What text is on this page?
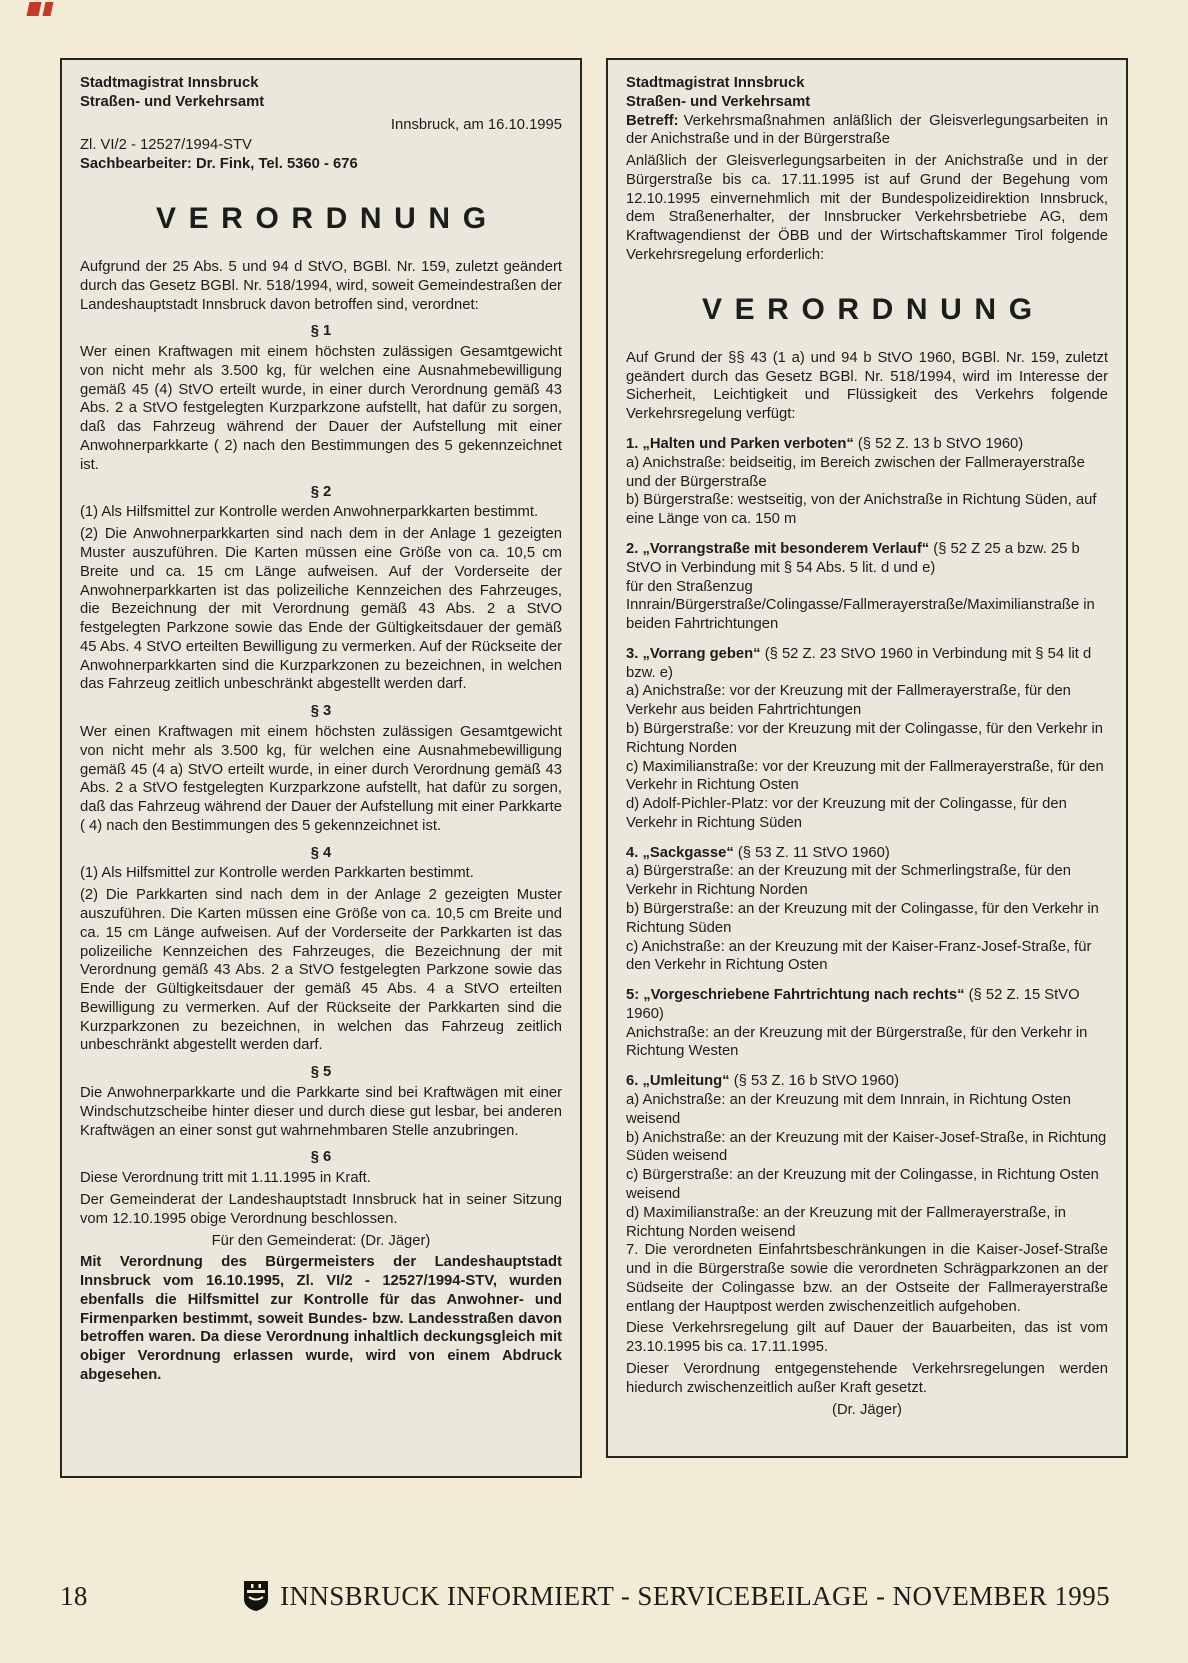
Stadtmagistrat Innsbruck
Straßen- und Verkehrsamt
Innsbruck, am 16.10.1995
Zl. VI/2 - 12527/1994-STV
Sachbearbeiter: Dr. Fink, Tel. 5360 - 676
VERORDNUNG

Aufgrund der 25 Abs. 5 und 94 d StVO, BGBl. Nr. 159, zuletzt geändert durch das Gesetz BGBl. Nr. 518/1994, wird, soweit Gemeindestraßen der Landeshauptstadt Innsbruck davon betroffen sind, verordnet:

§ 1

Wer einen Kraftwagen mit einem höchsten zulässigen Gesamtgewicht von nicht mehr als 3.500 kg, für welchen eine Ausnahmebewilligung gemäß 45 (4) StVO erteilt wurde, in einer durch Verordnung gemäß 43 Abs. 2 a StVO festgelegten Kurzparkzone aufstellt, hat dafür zu sorgen, daß das Fahrzeug während der Dauer der Aufstellung mit einer Anwohnerparkkarte ( 2) nach den Bestimmungen des 5 gekennzeichnet ist.

§ 2

(1) Als Hilfsmittel zur Kontrolle werden Anwohnerparkkarten bestimmt.

(2) Die Anwohnerparkkarten sind nach dem in der Anlage 1 gezeigten Muster auszuführen. Die Karten müssen eine Größe von ca. 10,5 cm Breite und ca. 15 cm Länge aufweisen. Auf der Vorderseite der Anwohnerparkkarten ist das polizeiliche Kennzeichen des Fahrzeuges, die Bezeichnung der mit Verordnung gemäß 43 Abs. 2 a StVO festgelegten Parkzone sowie das Ende der Gültigkeitsdauer der gemäß 45 Abs. 4 StVO erteilten Bewilligung zu vermerken. Auf der Rückseite der Anwohnerparkkarten sind die Kurzparkzonen zu bezeichnen, in welchen das Fahrzeug zeitlich unbeschränkt abgestellt werden darf.

§ 3

Wer einen Kraftwagen mit einem höchsten zulässigen Gesamtgewicht von nicht mehr als 3.500 kg, für welchen eine Ausnahmebewilligung gemäß 45 (4 a) StVO erteilt wurde, in einer durch Verordnung gemäß 43 Abs. 2 a StVO festgelegten Kurzparkzone aufstellt, hat dafür zu sorgen, daß das Fahrzeug während der Dauer der Aufstellung mit einer Parkkarte ( 4) nach den Bestimmungen des 5 gekennzeichnet ist.

§ 4

(1) Als Hilfsmittel zur Kontrolle werden Parkkarten bestimmt.

(2) Die Parkkarten sind nach dem in der Anlage 2 gezeigten Muster auszuführen. Die Karten müssen eine Größe von ca. 10,5 cm Breite und ca. 15 cm Länge aufweisen. Auf der Vorderseite der Parkkarten ist das polizeiliche Kennzeichen des Fahrzeuges, die Bezeichnung der mit Verordnung gemäß 43 Abs. 2 a StVO festgelegten Parkzone sowie das Ende der Gültigkeitsdauer der gemäß 45 Abs. 4 a StVO erteilten Bewilligung zu vermerken. Auf der Rückseite der Parkkarten sind die Kurzparkzonen zu bezeichnen, in welchen das Fahrzeug zeitlich unbeschränkt abgestellt werden darf.

§ 5

Die Anwohnerparkkarte und die Parkkarte sind bei Kraftwägen mit einer Windschutzscheibe hinter dieser und durch diese gut lesbar, bei anderen Kraftwägen an einer sonst gut wahrnehmbaren Stelle anzubringen.

§ 6

Diese Verordnung tritt mit 1.11.1995 in Kraft.

Der Gemeinderat der Landeshauptstadt Innsbruck hat in seiner Sitzung vom 12.10.1995 obige Verordnung beschlossen.

Für den Gemeinderat: (Dr. Jäger)

Mit Verordnung des Bürgermeisters der Landeshauptstadt Innsbruck vom 16.10.1995, Zl. VI/2 - 12527/1994-STV, wurden ebenfalls die Hilfsmittel zur Kontrolle für das Anwohner- und Firmenparken bestimmt, soweit Bundes- bzw. Landesstraßen davon betroffen waren. Da diese Verordnung inhaltlich deckungsgleich mit obiger Verordnung erlassen wurde, wird von einem Abdruck abgesehen.

Stadtmagistrat Innsbruck
Straßen- und Verkehrsamt

Betreff: Verkehrsmaßnahmen anläßlich der Gleisverlegungsarbeiten in der Anichstraße und in der Bürgerstraße

Anläßlich der Gleisverlegungsarbeiten in der Anichstraße und in der Bürgerstraße bis ca. 17.11.1995 ist auf Grund der Begehung vom 12.10.1995 einvernehmlich mit der Bundespolizeidirektion Innsbruck, dem Straßenerhalter, der Innsbrucker Verkehrsbetriebe AG, dem Kraftwagendienst der ÖBB und der Wirtschaftskammer Tirol folgende Verkehrsregelung erforderlich:

VERORDNUNG

Auf Grund der §§ 43 (1 a) und 94 b StVO 1960, BGBl. Nr. 159, zuletzt geändert durch das Gesetz BGBl. Nr. 518/1994, wird im Interesse der Sicherheit, Leichtigkeit und Flüssigkeit des Verkehrs folgende Verkehrsregelung verfügt:

1. „Halten und Parken verboten“ (§ 52 Z. 13 b StVO 1960)

a) Anichstraße: beidseitig, im Bereich zwischen der Fallmerayerstraße und der Bürgerstraße

b) Bürgerstraße: westseitig, von der Anichstraße in Richtung Süden, auf eine Länge von ca. 150 m

2. „Vorrangstraße mit besonderem Verlauf“ (§ 52 Z 25 a bzw. 25 b StVO in Verbindung mit § 54 Abs. 5 lit. d und e)

für den Straßenzug Innrain/Bürgerstraße/Colingasse/Fallmerayerstraße/Maximilianstraße in beiden Fahrtrichtungen

3. „Vorrang geben“ (§ 52 Z. 23 StVO 1960 in Verbindung mit § 54 lit d bzw. e)

a) Anichstraße: vor der Kreuzung mit der Fallmerayerstraße, für den Verkehr aus beiden Fahrtrichtungen

b) Bürgerstraße: vor der Kreuzung mit der Colingasse, für den Verkehr in Richtung Norden

c) Maximilianstraße: vor der Kreuzung mit der Fallmerayerstraße, für den Verkehr in Richtung Osten

d) Adolf-Pichler-Platz: vor der Kreuzung mit der Colingasse, für den Verkehr in Richtung Süden

4. „Sackgasse“ (§ 53 Z. 11 StVO 1960)

a) Bürgerstraße: an der Kreuzung mit der Schmerlingstraße, für den Verkehr in Richtung Norden

b) Bürgerstraße: an der Kreuzung mit der Colingasse, für den Verkehr in Richtung Süden

c) Anichstraße: an der Kreuzung mit der Kaiser-Franz-Josef-Straße, für den Verkehr in Richtung Osten

5: „Vorgeschriebene Fahrtrichtung nach rechts“ (§ 52 Z. 15 StVO 1960)

Anichstraße: an der Kreuzung mit der Bürgerstraße, für den Verkehr in Richtung Westen

6. „Umleitung“ (§ 53 Z. 16 b StVO 1960)

a) Anichstraße: an der Kreuzung mit dem Innrain, in Richtung Osten weisend

b) Anichstraße: an der Kreuzung mit der Kaiser-Josef-Straße, in Richtung Süden weisend

c) Bürgerstraße: an der Kreuzung mit der Colingasse, in Richtung Osten weisend

d) Maximilianstraße: an der Kreuzung mit der Fallmerayerstraße, in Richtung Norden weisend

7. Die verordneten Einfahrtsbeschränkungen in die Kaiser-Josef-Straße und in die Bürgerstraße sowie die verordneten Schrägparkzonen an der Südseite der Colingasse bzw. an der Ostseite der Fallmerayerstraße entlang der Hauptpost werden zwischenzeitlich aufgehoben.

Diese Verkehrsregelung gilt auf Dauer der Bauarbeiten, das ist vom 23.10.1995 bis ca. 17.11.1995.

Dieser Verordnung entgegenstehende Verkehrsregelungen werden hiedurch zwischenzeitlich außer Kraft gesetzt.

(Dr. Jäger)

18	INNSBRUCK INFORMIERT - SERVICEBEILAGE - NOVEMBER 1995
